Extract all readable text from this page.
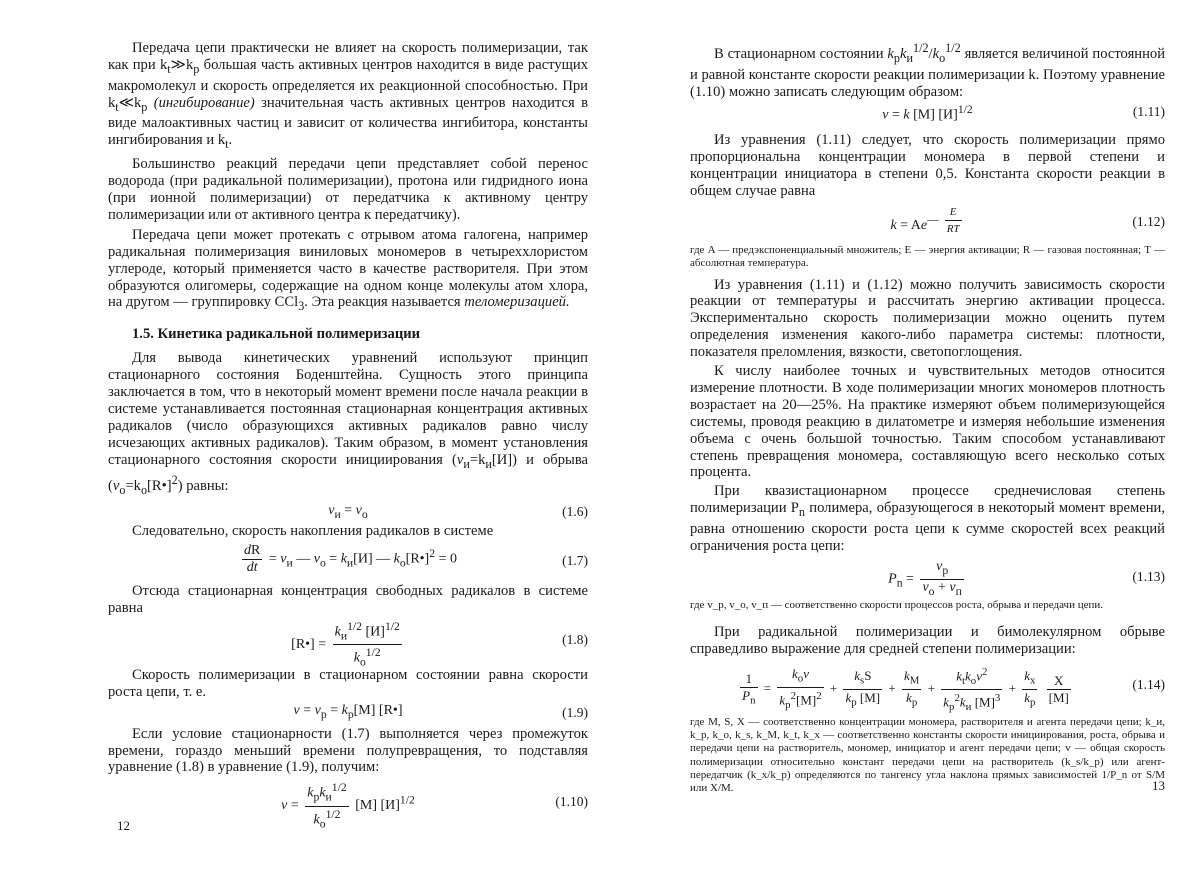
Передача цепи практически не влияет на скорость полимеризации, так как при $k_t≫k_p$ большая часть активных центров находится в виде растущих макромолекул и скорость определяется их реакционной способностью. При $k_t≪k_p$ (ингибирование) значительная часть активных центров находится в виде малоактивных частиц и зависит от количества ингибитора, константы ингибирования и $k_t$.

Большинство реакций передачи цепи представляет собой перенос водорода (при радикальной полимеризации), протона или гидридного иона (при ионной полимеризации) от передатчика к активному центру полимеризации или от активного центра к передатчику).

Передача цепи может протекать с отрывом атома галогена, например радикальная полимеризация виниловых мономеров в четыреххлористом углероде, который применяется часто в качестве растворителя. При этом образуются олигомеры, содержащие на одном конце молекулы атом хлора, на другом — группировку CCl$_3$. Эта реакция называется теломеризацией.

1.5. Кинетика радикальной полимеризации

Для вывода кинетических уравнений используют принцип стационарного состояния Боденштейна. Сущность этого принципа заключается в том, что в некоторый момент времени после начала реакции в системе устанавливается постоянная стационарная концентрация активных радикалов (число образующихся активных радикалов равно числу исчезающих активных радикалов). Таким образом, в момент установления стационарного состояния скорости инициирования $(v_и=k_и[И])$ и обрыва $(v_o=k_o[R•]^2)$ равны:

$v_и = v_o$	(1.6)

Следовательно, скорость накопления радикалов в системе

$\frac{dR}{dt} = v_и$ — $v_o = k_и[И]$ — $k_o[R•]^2 = 0$	(1.7)

Отсюда стационарная концентрация свободных радикалов в системе равна

[R•] = $\frac{k_и^{1/2} [И]^{1/2}}{k_o^{1/2}}$	(1.8)

Скорость полимеризации в стационарном состоянии равна скорости роста цепи, т. е.

$v = v_p = k_p[M]$ [R•]	(1.9)

Если условие стационарности (1.7) выполняется через промежуток времени, гораздо меньший времени полупревращения, то подставляя уравнение (1.8) в уравнение (1.9), получим:

$v = \frac{k_pk_и^{1/2}}{k_o^{1/2}} [M]$ $[И]^{1/2}$	(1.10)
12

В стационарном состоянии $k_pk_и^{1/2}/k_o^{1/2}$ является величиной постоянной и равной константе скорости реакции полимеризации k. Поэтому уравнение (1.10) можно записать следующим образом:

v = k [M] $[И]^{1/2}$	(1.11)

Из уравнения (1.11) следует, что скорость полимеризации прямо пропорциональна концентрации мономера в первой степени и концентрации инициатора в степени 0,5. Константа скорости реакции в общем случае равна

$k = Ae^{— \frac{E}{RT}}$	(1.12)

где A — предэкспоненциальный множитель; E — энергия активации; R — газовая постоянная; T — абсолютная температура.

Из уравнения (1.11) и (1.12) можно получить зависимость скорости реакции от температуры и рассчитать энергию активации процесса. Экспериментально скорость полимеризации можно оценить путем определения изменения какого-либо параметра системы: плотности, показателя преломления, вязкости, светопоглощения.

К числу наиболее точных и чувствительных методов относится измерение плотности. В ходе полимеризации многих мономеров плотность возрастает на 20—25%. На практике измеряют объем полимеризующейся системы, проводя реакцию в дилатометре и измеряя небольшие изменения объема с очень большой точностью. Таким способом устанавливают степень превращения мономера, составляющую всего несколько сотых процента.

При квазистационарном процессе среднечисловая степень полимеризации $P_n$ полимера, образующегося в некоторый момент времени, равна отношению скорости роста цепи к сумме скоростей всех реакций ограничения роста цепи:

$P_n = \frac{v_p}{v_o + v_п}$	(1.13)

где v_p, v_o, v_п — соответственно скорости процессов роста, обрыва и передачи цепи.

При радикальной полимеризации и бимолекулярном обрыве справедливо выражение для средней степени полимеризации:

$\frac{1}{P_n} = \frac{k_ov}{k_p^2[M]^2} + \frac{k_sS}{k_p [M]} + \frac{k_M}{k_p} + \frac{k_tk_ov^2}{k_p^2k_и [M]^3} + \frac{k_x}{k_p}$
$\frac{X}{[M]}$	(1.14)

где M, S, X — соответственно концентрации мономера, растворителя и агента передачи цепи; k_и, k_p, k_o, k_s, k_M, k_t, k_x — соответственно константы скорости инициирования, роста, обрыва и передачи цепи на растворитель, мономер, инициатор и агент передачи цепи; v — общая скорость полимеризации относительно констант передачи цепи на растворитель (k_s/k_p) или агент-передатчик (k_x/k_p) определяются по тангенсу угла наклона прямых зависимостей 1/P_n от S/M или X/M.	13
